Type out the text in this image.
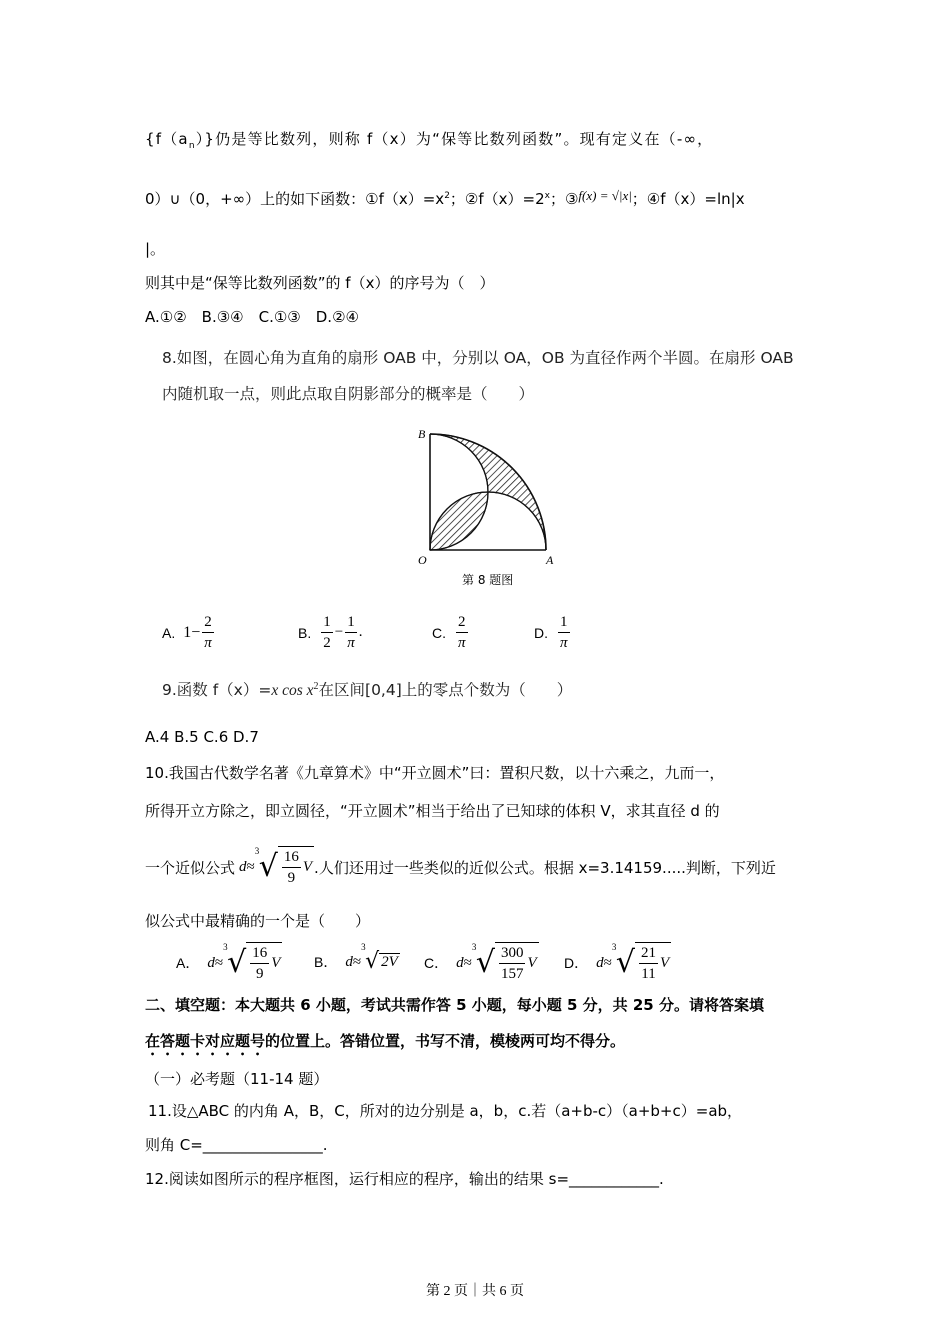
$\{f(a_n)\}$仍是等比数列，则称 f（x）为“保等比数列函数”。现有定义在（-∞，
0）∪（0，+∞）上的如下函数：$①f(x)=x^2$；$②f(x)=2^x$；③f(x) = √|x|；④f（x）=ln|x
|。
则其中是“保等比数列函数”的 f（x）的序号为（　）
A.①②　B.③④　C.①③　D.②④
8.如图，在圆心角为直角的扇形 OAB 中，分别以 OA，OB 为直径作两个半圆。在扇形 OAB
内随机取一点，则此点取自阴影部分的概率是（　　）
B
O	A
第 8 题图
A. $1- \frac{2}{\pi}$	B. $\frac{1}{2} - \frac{1}{\pi}$ .	C. $\frac{2}{\pi}$	D. $\frac{1}{\pi}$
9.函数 f（x）=x $\cos x^2$在区间[0,4]上的零点个数为（　　）
A.4 B.5 C.6 D.7
10.我国古代数学名著《九章算术》中“开立圆术”曰：置积尺数，以十六乘之，九而一，
所得开立方除之，即立圆径，“开立圆术”相当于给出了已知球的体积 V，求其直径 d 的
一个近似公式 d ≈
3 √ $\frac{16}{9}$ V .人们还用过一些类似的近似公式。根据 x=3.14159.....判断，下列近
似公式中最精确的一个是（　　）
A． d ≈
3 √ $\frac{16}{9}$ V B． d ≈
3
√ 2V C． d ≈
3 √ $\frac{300}{157}$ V D． d ≈
3 √ $\frac{21}{11}$ V
二、填空题：本大题共 6 小题，考试共需作答 5 小题，每小题 5 分，共 25 分。请将答案填
在答题卡对应题号的位置上。答错位置，书写不清，模棱两可均不得分。
（一）必考题（11-14 题）
11.设△ABC 的内角 A，B，C，所对的边分别是 a，b，c.若（a+b-c）（a+b+c）=ab，
则角 C=________________.
12.阅读如图所示的程序框图，运行相应的程序，输出的结果 s=____________.
第 2 页｜共 6 页
